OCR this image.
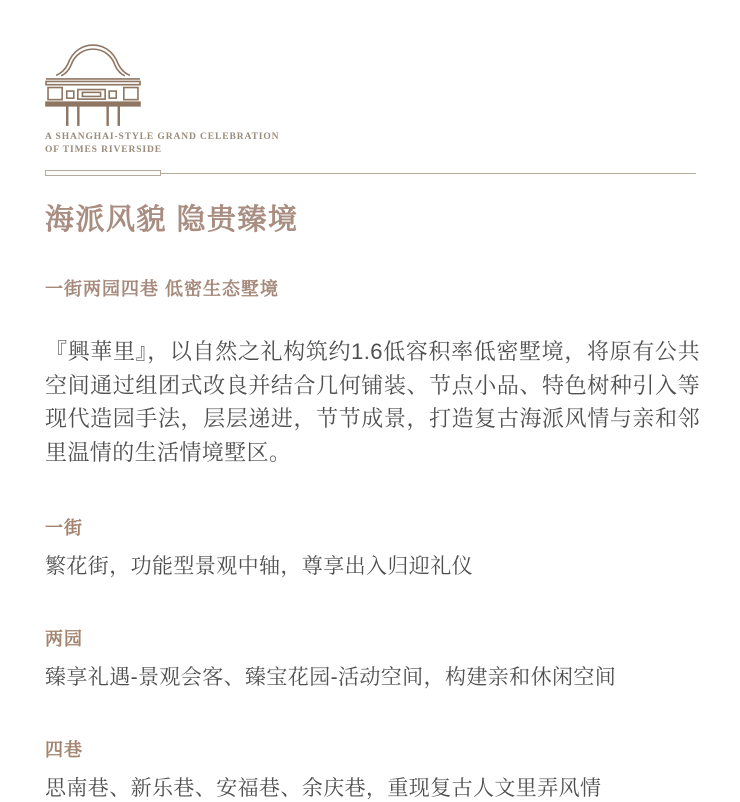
A SHANGHAI-STYLE GRAND CELEBRATION
OF TIMES RIVERSIDE
海派风貌 隐贵臻境
一街两园四巷 低密生态墅境
『興華里』，以自然之礼构筑约1.6低容积率低密墅境，将原有公共空间通过组团式改良并结合几何铺装、节点小品、特色树种引入等现代造园手法，层层递进，节节成景，打造复古海派风情与亲和邻里温情的生活情境墅区。
一街
繁花街，功能型景观中轴，尊享出入归迎礼仪
两园
臻享礼遇-景观会客、臻宝花园-活动空间，构建亲和休闲空间
四巷
思南巷、新乐巷、安福巷、余庆巷，重现复古人文里弄风情
